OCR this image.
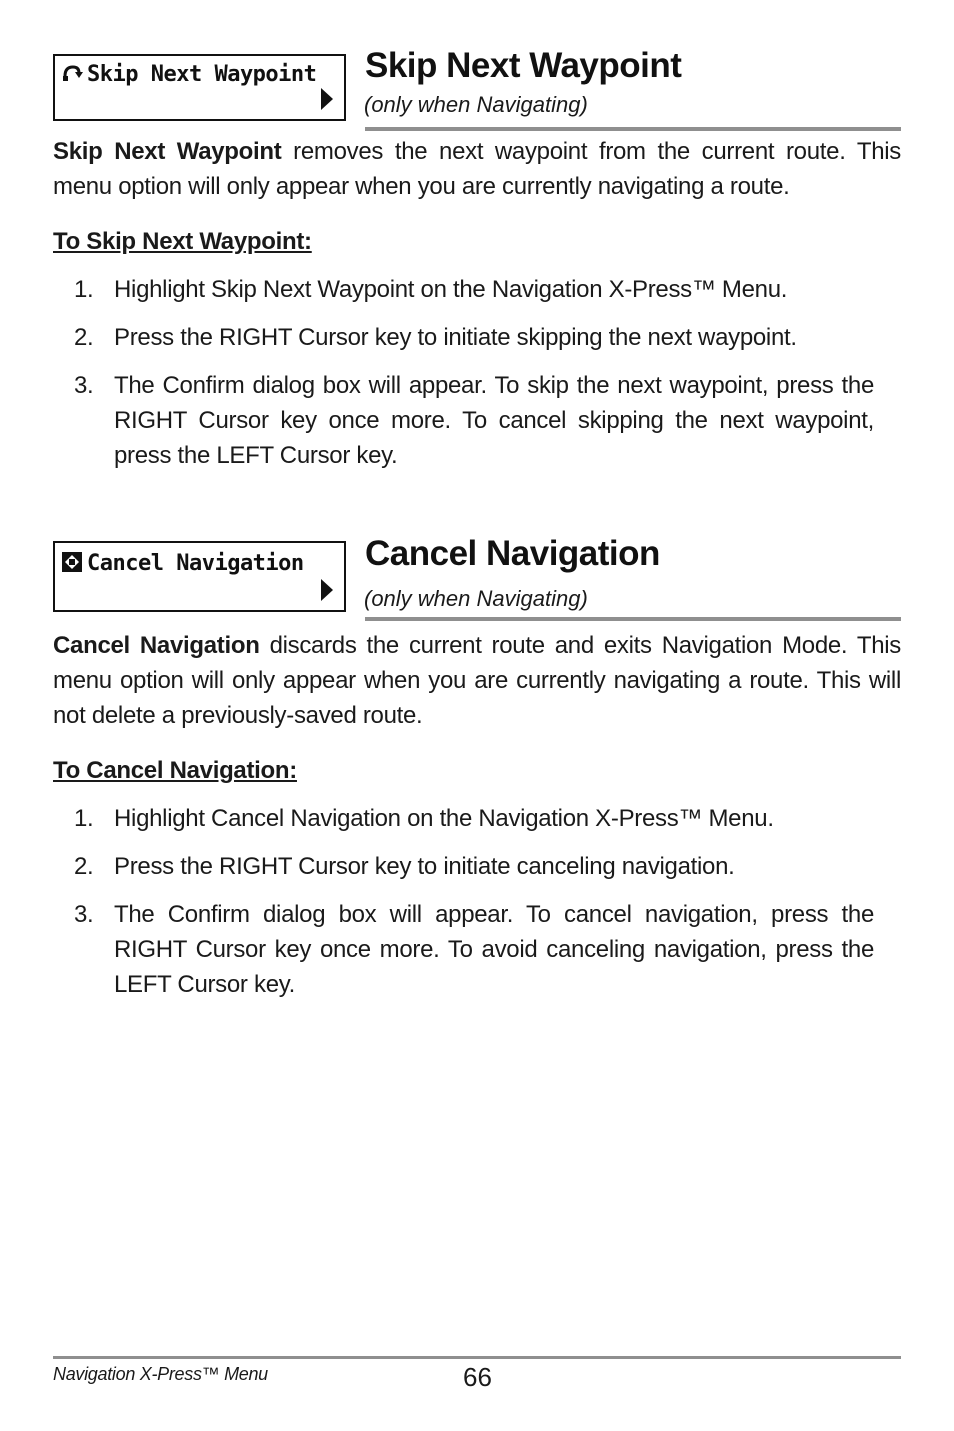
Skip Next Waypoint Skip Next Waypoint
(only when Navigating)

Skip Next Waypoint removes the next waypoint from the current route. This menu option will only appear when you are currently navigating a route.

To Skip Next Waypoint:
1. Highlight Skip Next Waypoint on the Navigation X-Press™ Menu.
2. Press the RIGHT Cursor key to initiate skipping the next waypoint.
3. The Confirm dialog box will appear. To skip the next waypoint, press the RIGHT Cursor key once more. To cancel skipping the next waypoint, press the LEFT Cursor key.
Cancel Navigation Cancel Navigation
(only when Navigating)

Cancel Navigation discards the current route and exits Navigation Mode. This menu option will only appear when you are currently navigating a route. This will not delete a previously-saved route.

To Cancel Navigation:
1. Highlight Cancel Navigation on the Navigation X-Press™ Menu.
2. Press the RIGHT Cursor key to initiate canceling navigation.
3. The Confirm dialog box will appear. To cancel navigation, press the RIGHT Cursor key once more. To avoid canceling navigation, press the LEFT Cursor key.
Navigation X-Press™ Menu	66
